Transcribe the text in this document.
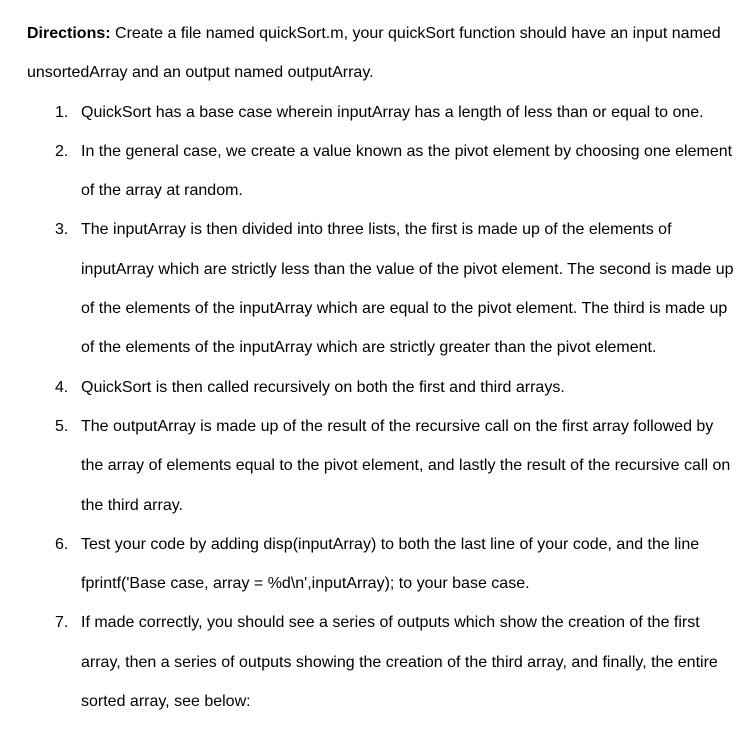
Directions: Create a file named quickSort.m, your quickSort function should have an input named unsortedArray and an output named outputArray.

1. QuickSort has a base case wherein inputArray has a length of less than or equal to one.
2. In the general case, we create a value known as the pivot element by choosing one element of the array at random.
3. The inputArray is then divided into three lists, the first is made up of the elements of inputArray which are strictly less than the value of the pivot element. The second is made up of the elements of the inputArray which are equal to the pivot element. The third is made up of the elements of the inputArray which are strictly greater than the pivot element.
4. QuickSort is then called recursively on both the first and third arrays.
5. The outputArray is made up of the result of the recursive call on the first array followed by the array of elements equal to the pivot element, and lastly the result of the recursive call on the third array.
6. Test your code by adding disp(inputArray) to both the last line of your code, and the line fprintf('Base case, array = %d\n',inputArray); to your base case.
7. If made correctly, you should see a series of outputs which show the creation of the first array, then a series of outputs showing the creation of the third array, and finally, the entire sorted array, see below:
